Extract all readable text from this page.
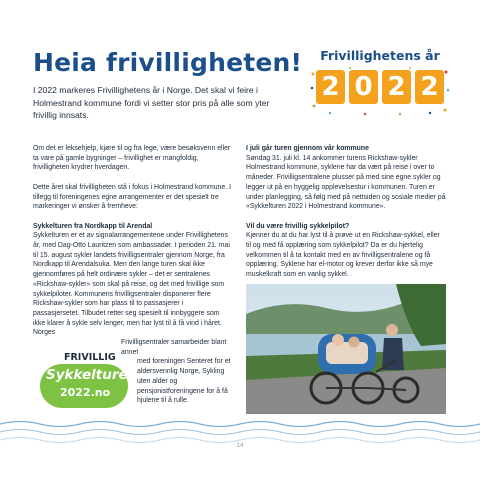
Heia frivilligheten!

I 2022 markeres Frivillighetens år i Norge. Det skal vi feire i Holmestrand kommune fordi vi setter stor pris på alle som yter frivillig innsats.

Frivillighetens år
2 0 2 2

Om det er leksehjelp, kjøre til og fra lege, være besøksvenn eller ta vare på gamle bygninger – frivillighet er mangfoldig, frivilligheten krydrer hverdagen.

Dette året skal frivilligheten stå i fokus i Holmestrand kommune. I tillegg til foreningenes egne arrangementer er det spesielt tre markeringer vi ønsker å fremheve:

Sykkelturen fra Nordkapp til Arendal
Sykkelturen er et av signalarrangementene under Frivillighetens år, med Dag-Otto Lauritzen som ambassadør. I perioden 21. mai til 15. august sykler landets frivilligsentraler gjennom Norge, fra Nordkapp til Arendalsuka. Men den lange turen skal ikke gjennomføres på helt ordinære sykler – det er sentralenes «Rickshaw-sykler» som skal på reise, og det med frivillige som sykkelpiloter. Kommunens frivilligsentraler disponerer flere Rickshaw-sykler som har plass til to passasjerer i passasjersetet. Tilbudet retter seg spesielt til innbyggere som ikke klarer å sykle selv lenger, men har lyst til å få vind i håret. Norges
Frivilligsentraler samarbeider blant annet
med foreningen Senteret for et aldersvennlig Norge, Sykling uten alder og pensjonistforeningene for å få hjulene til å rulle.
I juli går turen gjennom vår kommune

Søndag 31. juli kl. 14 ankommer turens Rickshaw-sykler Holmestrand kommune, syklene har da vært på reise i over to måneder. Frivilligsentralene plusser på med sine egne sykler og legger ut på en hyggelig opplevelsestur i kommunen. Turen er under planlegging, så følg med på nettsiden og sosiale medier på «Sykkelturen 2022 i Holmestrand kommune».

Vil du være frivillig sykkelpilot?

Kjenner du at du har lyst til å prøve ut en Rickshaw-sykkel, eller til og med få opplæring som sykkelpilot? Da er du hjertelig velkommen til å ta kontakt med en av frivilligsentralene og få opplæring. Syklene har el-motor og krever derfor ikke så mye muskelkraft som en vanlig sykkel.

FRIVILLIG
Sykkelturen
2022.no
14
